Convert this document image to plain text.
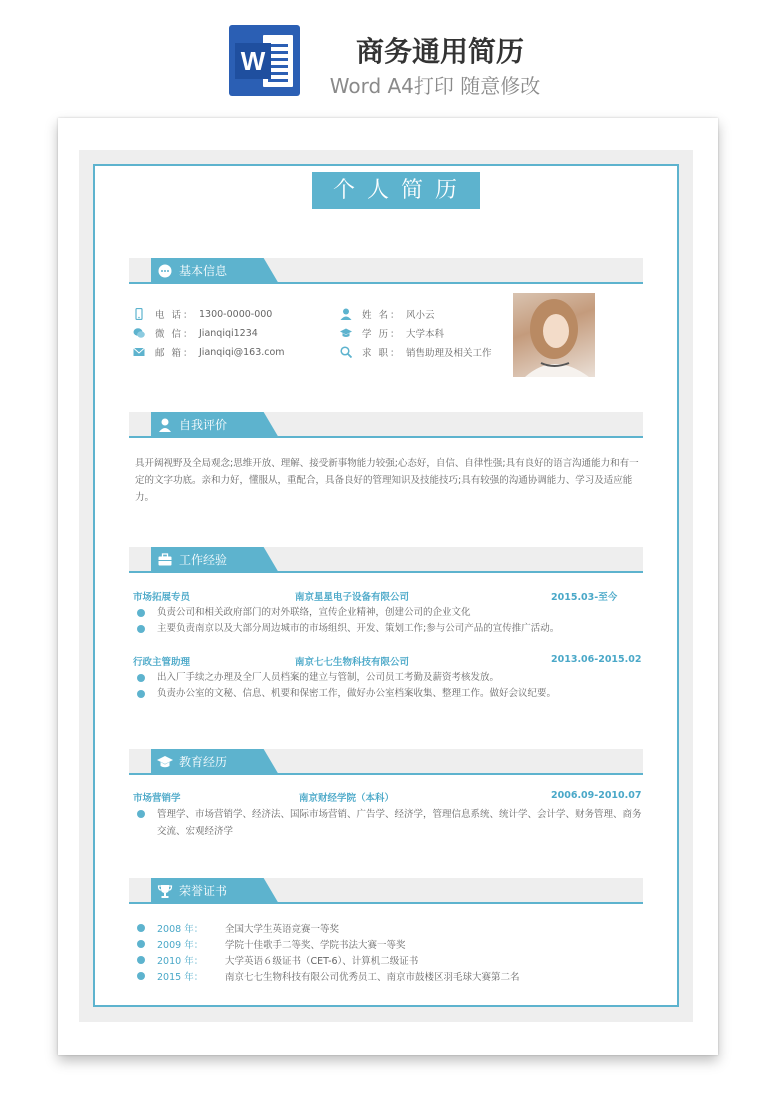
W	商务通用简历
Word A4打印 随意修改
个人简历
基本信息
电 话： 1300-0000-000
微 信： Jianqiqi1234
邮 箱： Jianqiqi@163.com
姓 名： 风小云
学 历： 大学本科
求 职： 销售助理及相关工作
自我评价
具开阔视野及全局观念;思维开放、理解、接受新事物能力较强;心态好，自信、自律性强;具有良好的语言沟通能力和有一定的文字功底。亲和力好，懂服从，重配合，具备良好的管理知识及技能技巧;具有较强的沟通协调能力、学习及适应能力。
工作经验
市场拓展专员	南京星星电子设备有限公司	2015.03-至今
负责公司和相关政府部门的对外联络，宣传企业精神，创建公司的企业文化
主要负责南京以及大部分周边城市的市场组织、开发、策划工作;参与公司产品的宣传推广活动。
行政主管助理	南京七七生物科技有限公司	2013.06-2015.02
出入厂手续之办理及全厂人员档案的建立与管制，公司员工考勤及薪资考核发放。
负责办公室的文秘、信息、机要和保密工作，做好办公室档案收集、整理工作。做好会议纪要。
教育经历
市场营销学	南京财经学院（本科）	2006.09-2010.07
管理学、市场营销学、经济法、国际市场营销、广告学、经济学，管理信息系统、统计学、会计学、财务管理、商务交流、宏观经济学
荣誉证书
2008 年： 全国大学生英语竞赛一等奖
2009 年： 学院十佳歌手二等奖、学院书法大赛一等奖
2010 年： 大学英语６级证书（CET-6）、计算机二级证书
2015 年： 南京七七生物科技有限公司优秀员工、南京市鼓楼区羽毛球大赛第二名
